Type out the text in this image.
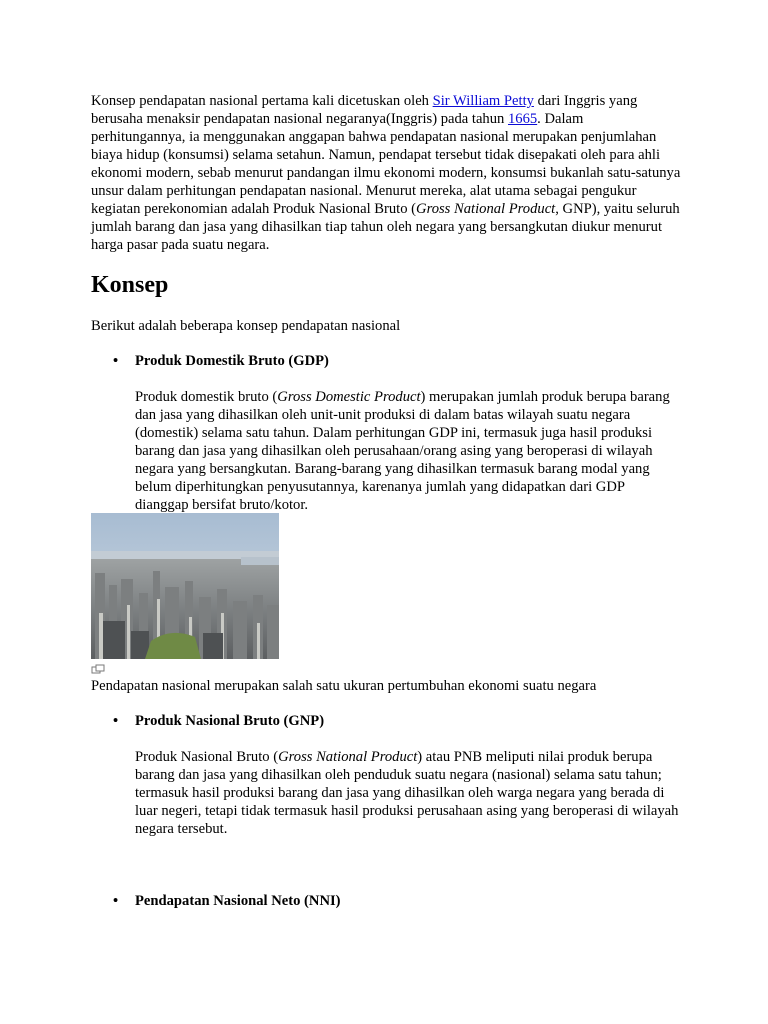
Konsep pendapatan nasional pertama kali dicetuskan oleh Sir William Petty dari Inggris yang berusaha menaksir pendapatan nasional negaranya(Inggris) pada tahun 1665. Dalam perhitungannya, ia menggunakan anggapan bahwa pendapatan nasional merupakan penjumlahan biaya hidup (konsumsi) selama setahun. Namun, pendapat tersebut tidak disepakati oleh para ahli ekonomi modern, sebab menurut pandangan ilmu ekonomi modern, konsumsi bukanlah satu-satunya unsur dalam perhitungan pendapatan nasional. Menurut mereka, alat utama sebagai pengukur kegiatan perekonomian adalah Produk Nasional Bruto (Gross National Product, GNP), yaitu seluruh jumlah barang dan jasa yang dihasilkan tiap tahun oleh negara yang bersangkutan diukur menurut harga pasar pada suatu negara.

Konsep

Berikut adalah beberapa konsep pendapatan nasional

•	Produk Domestik Bruto (GDP)

Produk domestik bruto (Gross Domestic Product) merupakan jumlah produk berupa barang dan jasa yang dihasilkan oleh unit-unit produksi di dalam batas wilayah suatu negara (domestik) selama satu tahun. Dalam perhitungan GDP ini, termasuk juga hasil produksi barang dan jasa yang dihasilkan oleh perusahaan/orang asing yang beroperasi di wilayah negara yang bersangkutan. Barang-barang yang dihasilkan termasuk barang modal yang belum diperhitungkan penyusutannya, karenanya jumlah yang didapatkan dari GDP dianggap bersifat bruto/kotor.

Pendapatan nasional merupakan salah satu ukuran pertumbuhan ekonomi suatu negara

•	Produk Nasional Bruto (GNP)

Produk Nasional Bruto (Gross National Product) atau PNB meliputi nilai produk berupa barang dan jasa yang dihasilkan oleh penduduk suatu negara (nasional) selama satu tahun; termasuk hasil produksi barang dan jasa yang dihasilkan oleh warga negara yang berada di luar negeri, tetapi tidak termasuk hasil produksi perusahaan asing yang beroperasi di wilayah negara tersebut.

•	Pendapatan Nasional Neto (NNI)
